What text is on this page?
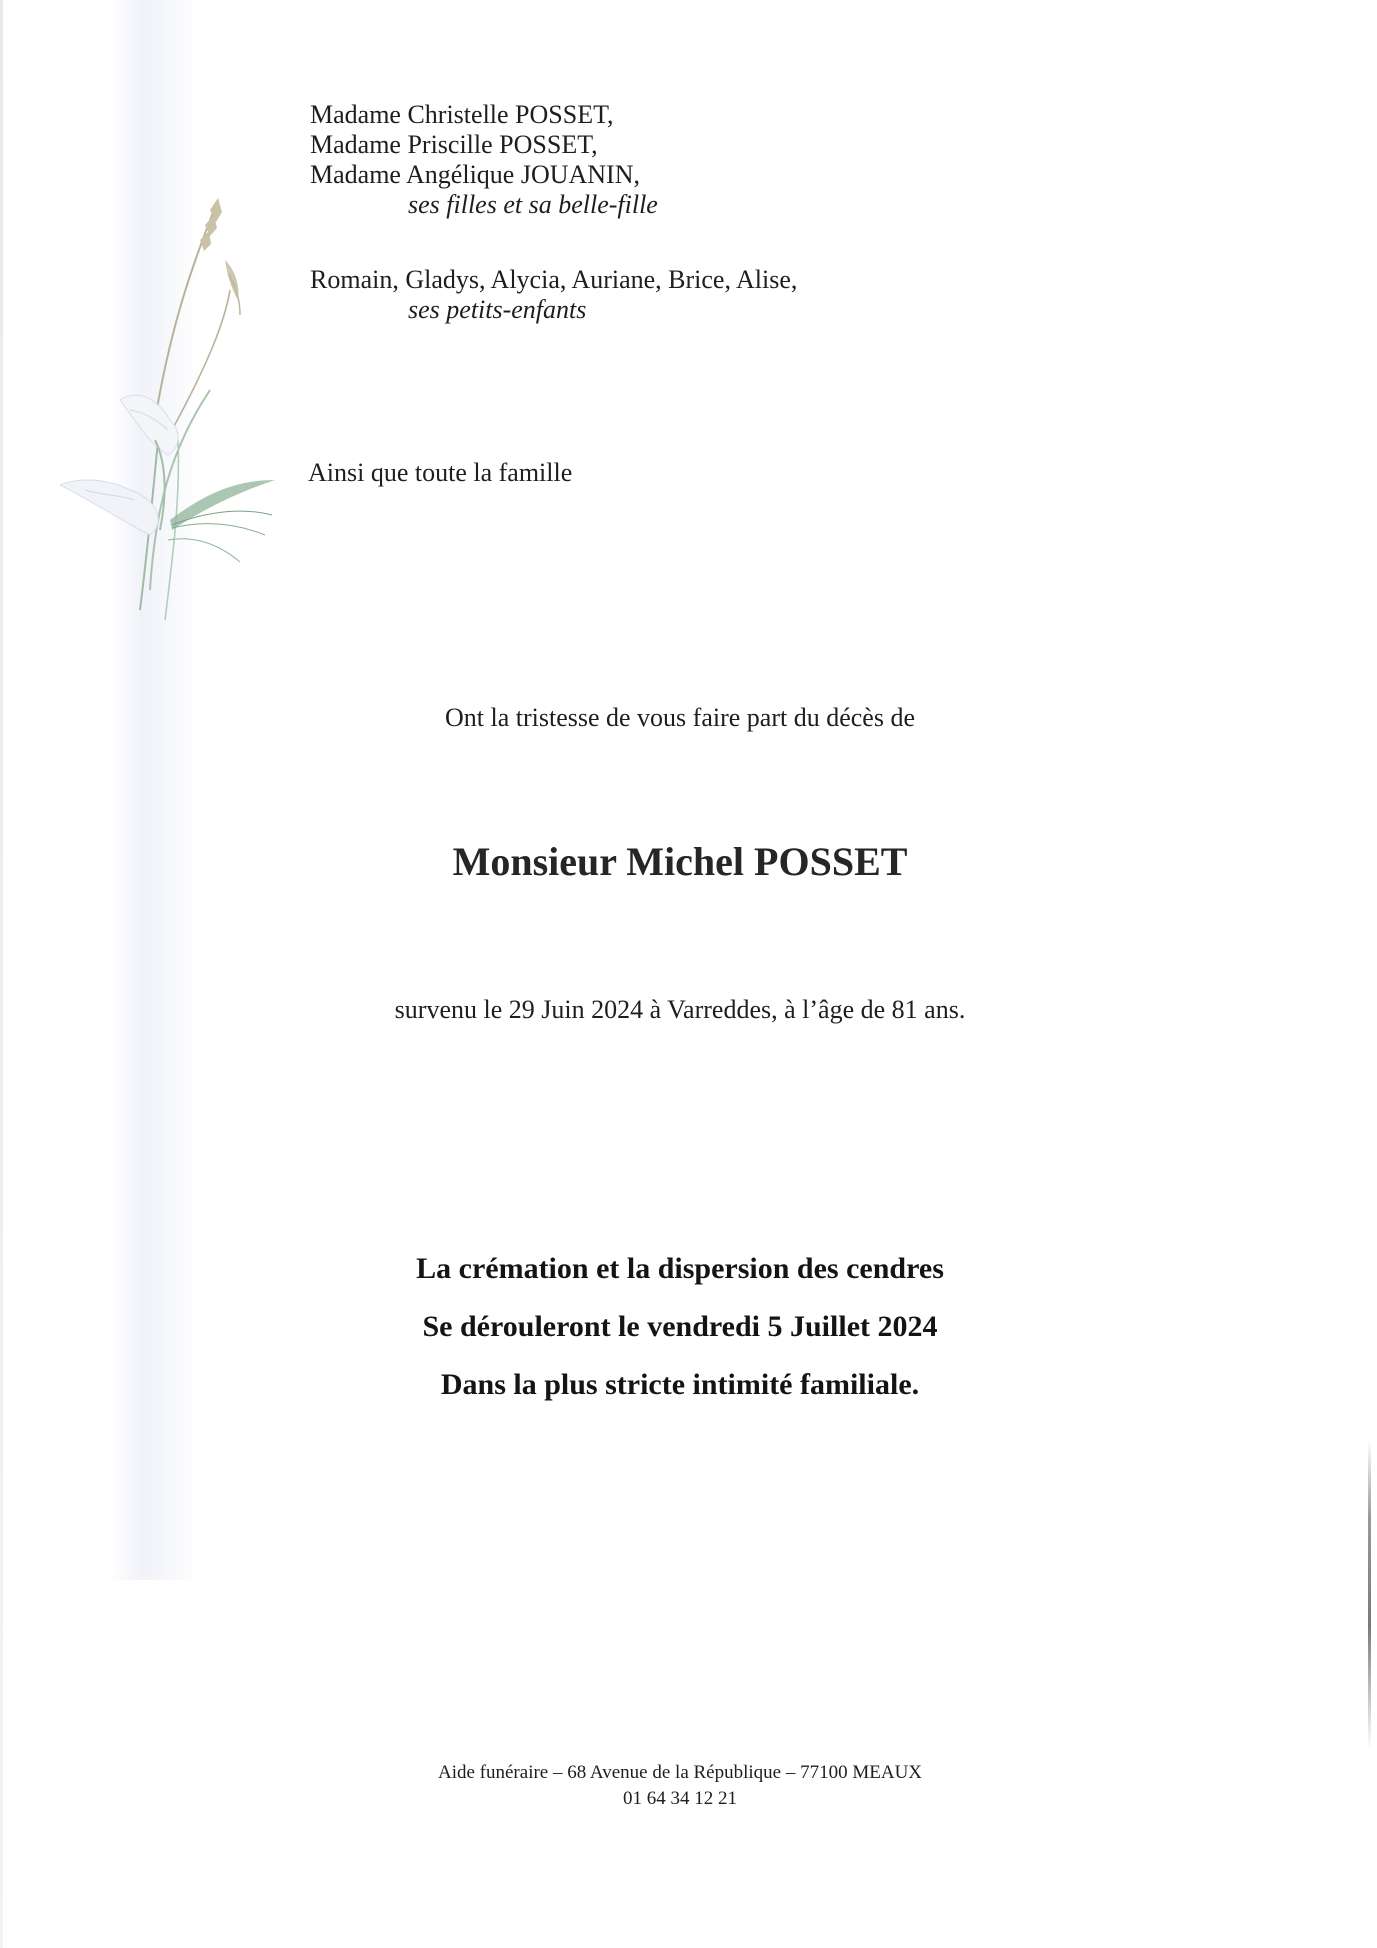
Madame Christelle POSSET,
Madame Priscille POSSET,
Madame Angélique JOUANIN,
ses filles et sa belle-fille
Romain, Gladys, Alycia, Auriane, Brice, Alise,
ses petits-enfants
Ainsi que toute la famille
Ont la tristesse de vous faire part du décès de
Monsieur Michel POSSET
survenu le 29 Juin 2024 à Varreddes, à l’âge de 81 ans.
La crémation et la dispersion des cendres
Se dérouleront le vendredi 5 Juillet 2024
Dans la plus stricte intimité familiale.
Aide funéraire – 68 Avenue de la République – 77100 MEAUX
01 64 34 12 21
